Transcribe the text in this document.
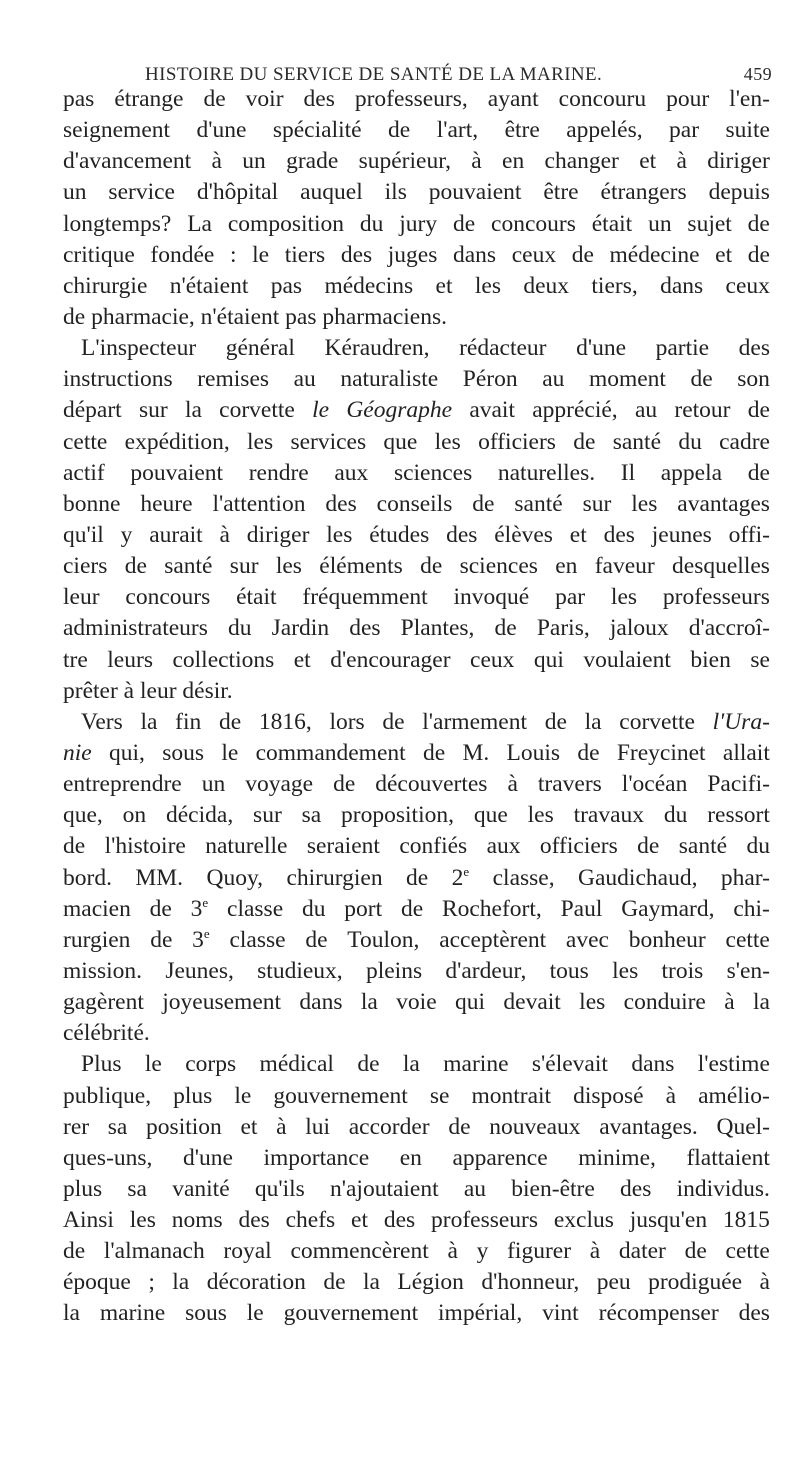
HISTOIRE DU SERVICE DE SANTÉ DE LA MARINE.	459
pas étrange de voir des professeurs, ayant concouru pour l'en-
seignement d'une spécialité de l'art, être appelés, par suite
d'avancement à un grade supérieur, à en changer et à diriger
un service d'hôpital auquel ils pouvaient être étrangers depuis
longtemps? La composition du jury de concours était un sujet de
critique fondée : le tiers des juges dans ceux de médecine et de
chirurgie n'étaient pas médecins et les deux tiers, dans ceux
de
pharmacie,
n'étaient
pas
pharmaciens.
L'inspecteur général Kéraudren, rédacteur d'une partie des
instructions remises au naturaliste Péron au moment de son
départ sur la corvette le Géographe avait apprécié, au retour de
cette expédition, les services que les officiers de santé du cadre
actif pouvaient rendre aux sciences naturelles. Il appela de
bonne heure l'attention des conseils de santé sur les avantages
qu'il y aurait à diriger les études des élèves et des jeunes offi-
ciers de santé sur les éléments de sciences en faveur desquelles
leur concours était fréquemment invoqué par les professeurs
administrateurs du Jardin des Plantes, de Paris, jaloux d'accroî-
tre leurs collections et d'encourager ceux qui voulaient bien se
prêter
à
leur
désir.
Vers la fin de 1816, lors de l'armement de la corvette l'Ura-
nie qui, sous le commandement de M. Louis de Freycinet allait
entreprendre un voyage de découvertes à travers l'océan Pacifi-
que, on décida, sur sa proposition, que les travaux du ressort
de l'histoire naturelle seraient confiés aux officiers de santé du
bord. MM. Quoy, chirurgien de 2e classe, Gaudichaud, phar-
macien de 3e classe du port de Rochefort, Paul Gaymard, chi-
rurgien de 3e classe de Toulon, acceptèrent avec bonheur cette
mission. Jeunes, studieux, pleins d'ardeur, tous les trois s'en-
gagèrent joyeusement dans la voie qui devait les conduire à la
célébrité.
Plus le corps médical de la marine s'élevait dans l'estime
publique, plus le gouvernement se montrait disposé à amélio-
rer sa position et à lui accorder de nouveaux avantages. Quel-
ques-uns, d'une importance en apparence minime, flattaient
plus sa vanité qu'ils n'ajoutaient au bien-être des individus.
Ainsi les noms des chefs et des professeurs exclus jusqu'en 1815
de l'almanach royal commencèrent à y figurer à dater de cette
époque ; la décoration de la Légion d'honneur, peu prodiguée à
la marine sous le gouvernement impérial, vint récompenser des
